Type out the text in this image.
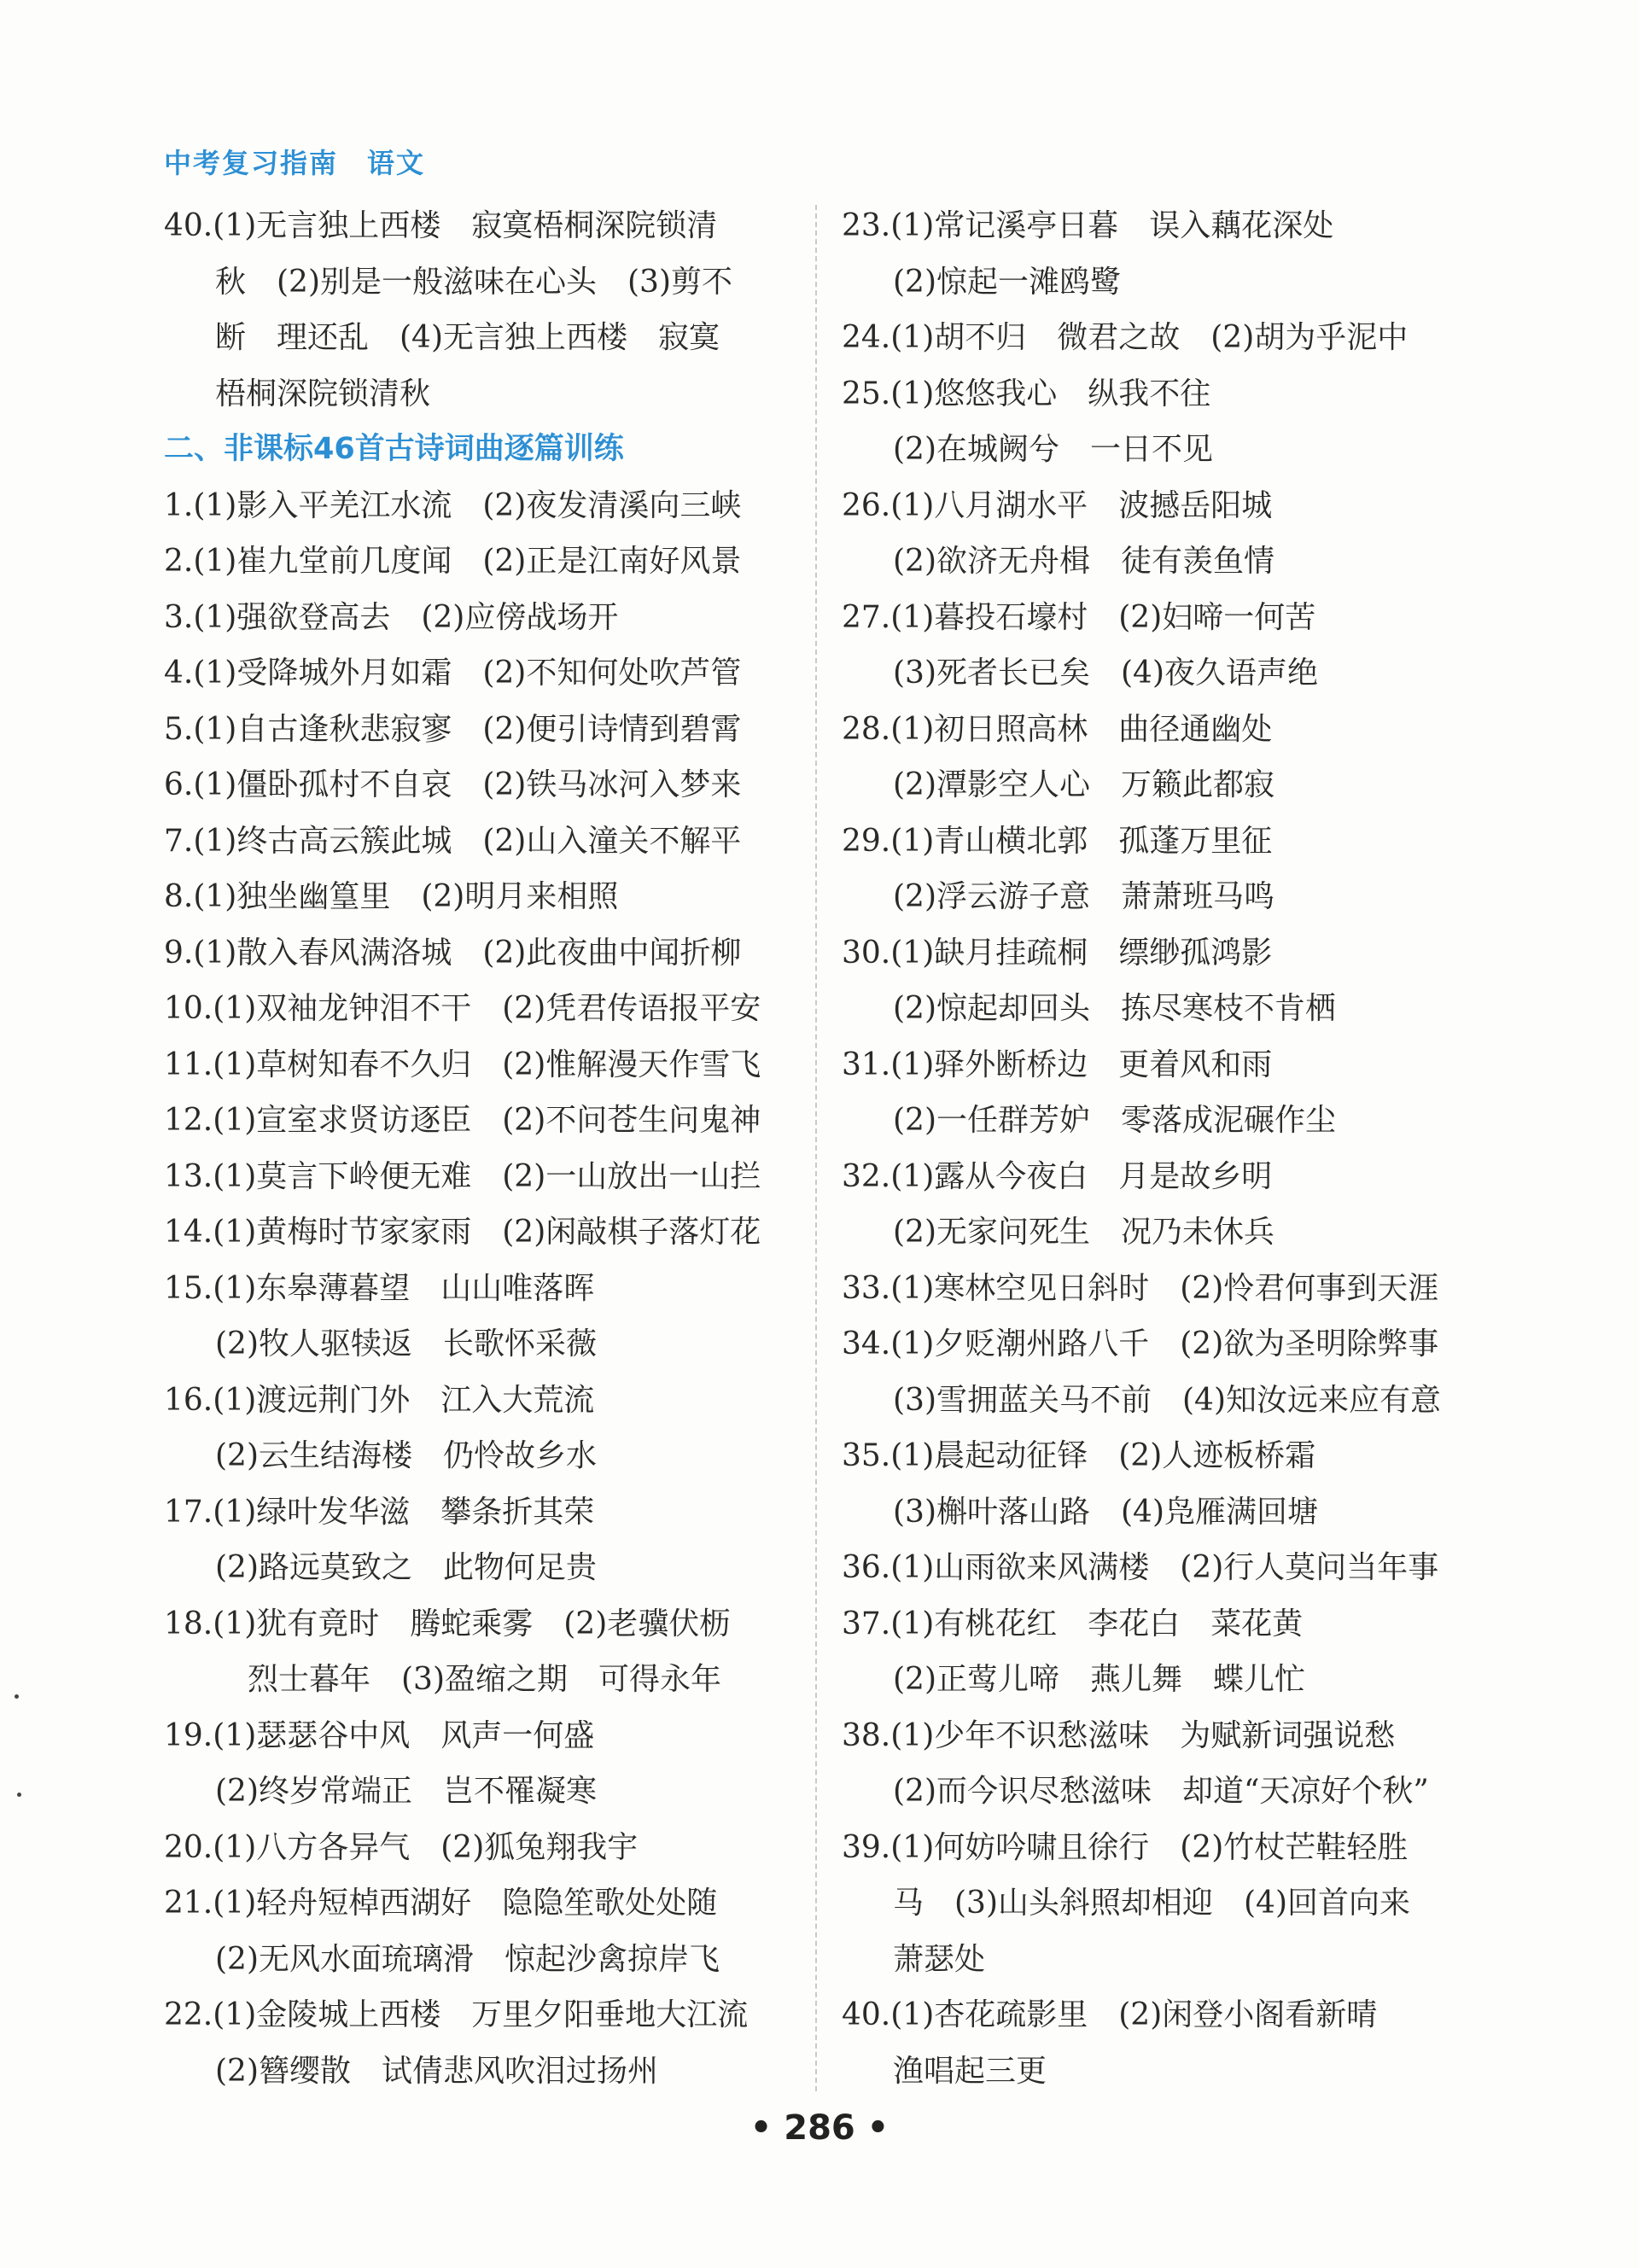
中考复习指南　语文
40.(1)无言独上西楼　寂寞梧桐深院锁清
秋　(2)别是一般滋味在心头　(3)剪不
断　理还乱　(4)无言独上西楼　寂寞
梧桐深院锁清秋
二、非课标46首古诗词曲逐篇训练
1.(1)影入平羌江水流　(2)夜发清溪向三峡
2.(1)崔九堂前几度闻　(2)正是江南好风景
3.(1)强欲登高去　(2)应傍战场开
4.(1)受降城外月如霜　(2)不知何处吹芦管
5.(1)自古逢秋悲寂寥　(2)便引诗情到碧霄
6.(1)僵卧孤村不自哀　(2)铁马冰河入梦来
7.(1)终古高云簇此城　(2)山入潼关不解平
8.(1)独坐幽篁里　(2)明月来相照
9.(1)散入春风满洛城　(2)此夜曲中闻折柳
10.(1)双袖龙钟泪不干　(2)凭君传语报平安
11.(1)草树知春不久归　(2)惟解漫天作雪飞
12.(1)宣室求贤访逐臣　(2)不问苍生问鬼神
13.(1)莫言下岭便无难　(2)一山放出一山拦
14.(1)黄梅时节家家雨　(2)闲敲棋子落灯花
15.(1)东皋薄暮望　山山唯落晖
(2)牧人驱犊返　长歌怀采薇
16.(1)渡远荆门外　江入大荒流
(2)云生结海楼　仍怜故乡水
17.(1)绿叶发华滋　攀条折其荣
(2)路远莫致之　此物何足贵
18.(1)犹有竟时　腾蛇乘雾　(2)老骥伏枥
烈士暮年　(3)盈缩之期　可得永年
19.(1)瑟瑟谷中风　风声一何盛
(2)终岁常端正　岂不罹凝寒
20.(1)八方各异气　(2)狐兔翔我宇
21.(1)轻舟短棹西湖好　隐隐笙歌处处随
(2)无风水面琉璃滑　惊起沙禽掠岸飞
22.(1)金陵城上西楼　万里夕阳垂地大江流
(2)簪缨散　试倩悲风吹泪过扬州
23.(1)常记溪亭日暮　误入藕花深处
(2)惊起一滩鸥鹭
24.(1)胡不归　微君之故　(2)胡为乎泥中
25.(1)悠悠我心　纵我不往
(2)在城阙兮　一日不见
26.(1)八月湖水平　波撼岳阳城
(2)欲济无舟楫　徒有羡鱼情
27.(1)暮投石壕村　(2)妇啼一何苦
(3)死者长已矣　(4)夜久语声绝
28.(1)初日照高林　曲径通幽处
(2)潭影空人心　万籁此都寂
29.(1)青山横北郭　孤蓬万里征
(2)浮云游子意　萧萧班马鸣
30.(1)缺月挂疏桐　缥缈孤鸿影
(2)惊起却回头　拣尽寒枝不肯栖
31.(1)驿外断桥边　更着风和雨
(2)一任群芳妒　零落成泥碾作尘
32.(1)露从今夜白　月是故乡明
(2)无家问死生　况乃未休兵
33.(1)寒林空见日斜时　(2)怜君何事到天涯
34.(1)夕贬潮州路八千　(2)欲为圣明除弊事
(3)雪拥蓝关马不前　(4)知汝远来应有意
35.(1)晨起动征铎　(2)人迹板桥霜
(3)槲叶落山路　(4)凫雁满回塘
36.(1)山雨欲来风满楼　(2)行人莫问当年事
37.(1)有桃花红　李花白　菜花黄
(2)正莺儿啼　燕儿舞　蝶儿忙
38.(1)少年不识愁滋味　为赋新词强说愁
(2)而今识尽愁滋味　却道“天凉好个秋”
39.(1)何妨吟啸且徐行　(2)竹杖芒鞋轻胜
马　(3)山头斜照却相迎　(4)回首向来
萧瑟处
40.(1)杏花疏影里　(2)闲登小阁看新晴
渔唱起三更
• 286 •
